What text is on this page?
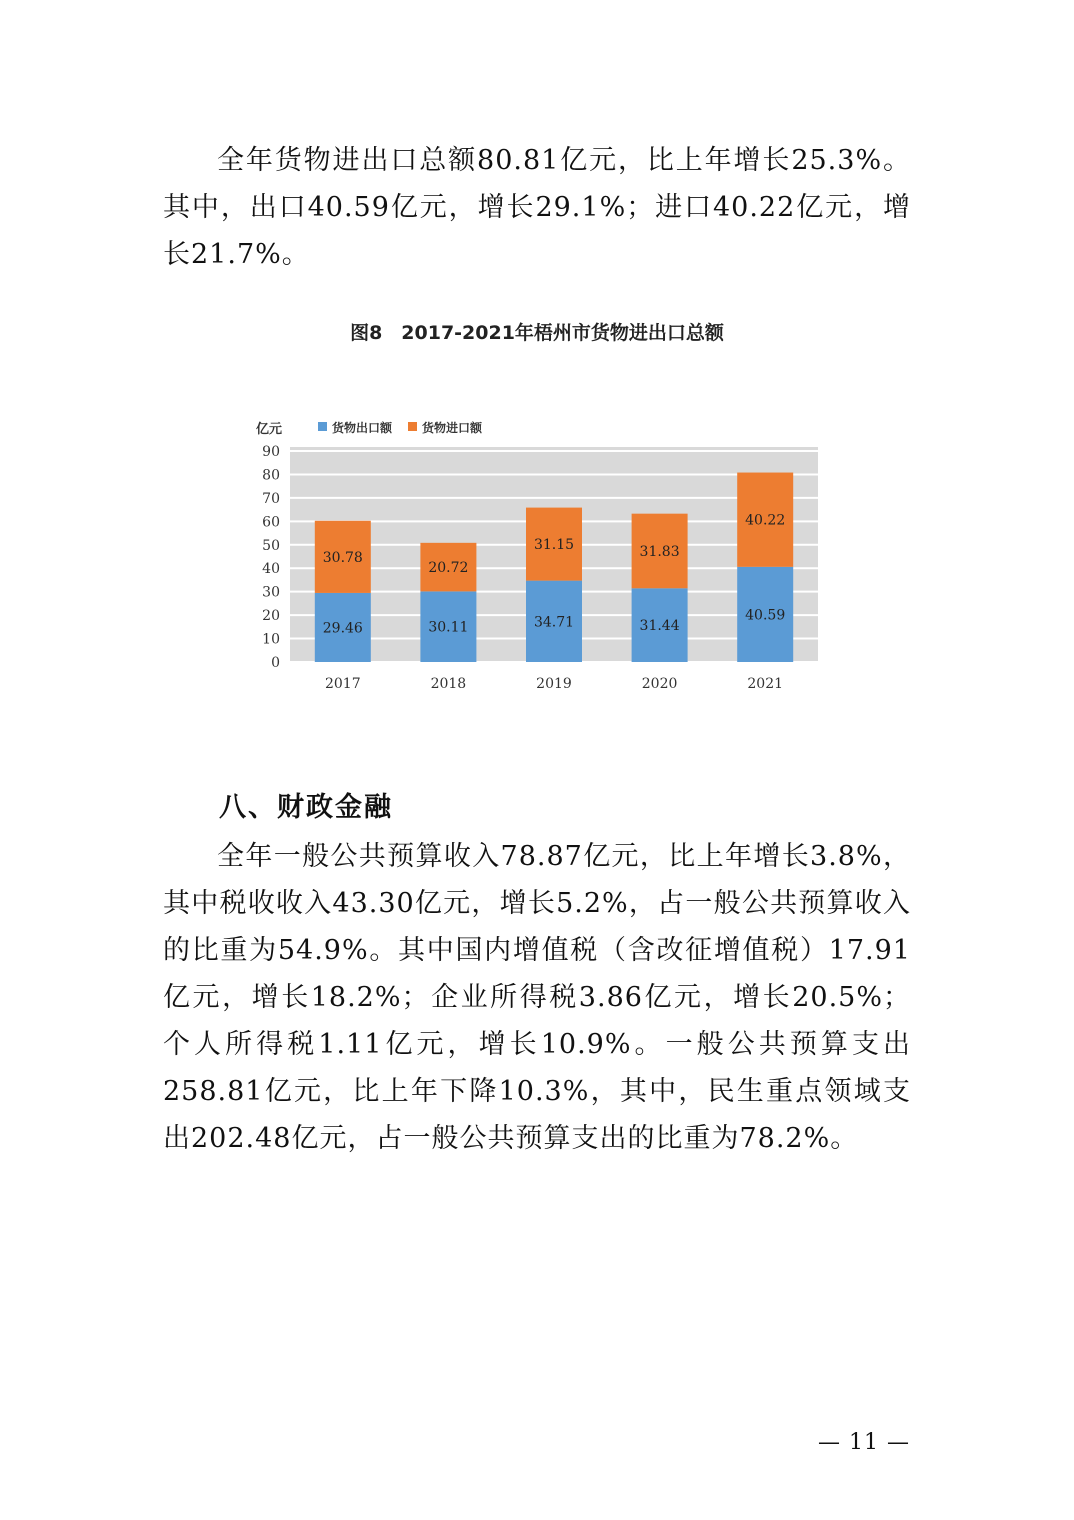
全年货物进出口总额80.81亿元，比上年增长25.3%。其中，出口40.59亿元，增长29.1%；进口40.22亿元，增长21.7%。

图8　2017-2021年梧州市货物进出口总额
0
10
20
30
40
50
60
70
80
90
亿元	货物出口额 货物进口额
29.46
30.78
2017
30.11
20.72
2018
34.71
31.15
2019
31.44
31.83
2020
40.59
40.22
2021
八、财政金融

全年一般公共预算收入78.87亿元，比上年增长3.8%，其中税收收入43.30亿元，增长5.2%，占一般公共预算收入的比重为54.9%。其中国内增值税（含改征增值税）17.91亿元，增长18.2%；企业所得税3.86亿元，增长20.5%；个人所得税1.11亿元，增长10.9%。一般公共预算支出258.81亿元，比上年下降10.3%，其中，民生重点领域支出202.48亿元，占一般公共预算支出的比重为78.2%。

— 11 —
